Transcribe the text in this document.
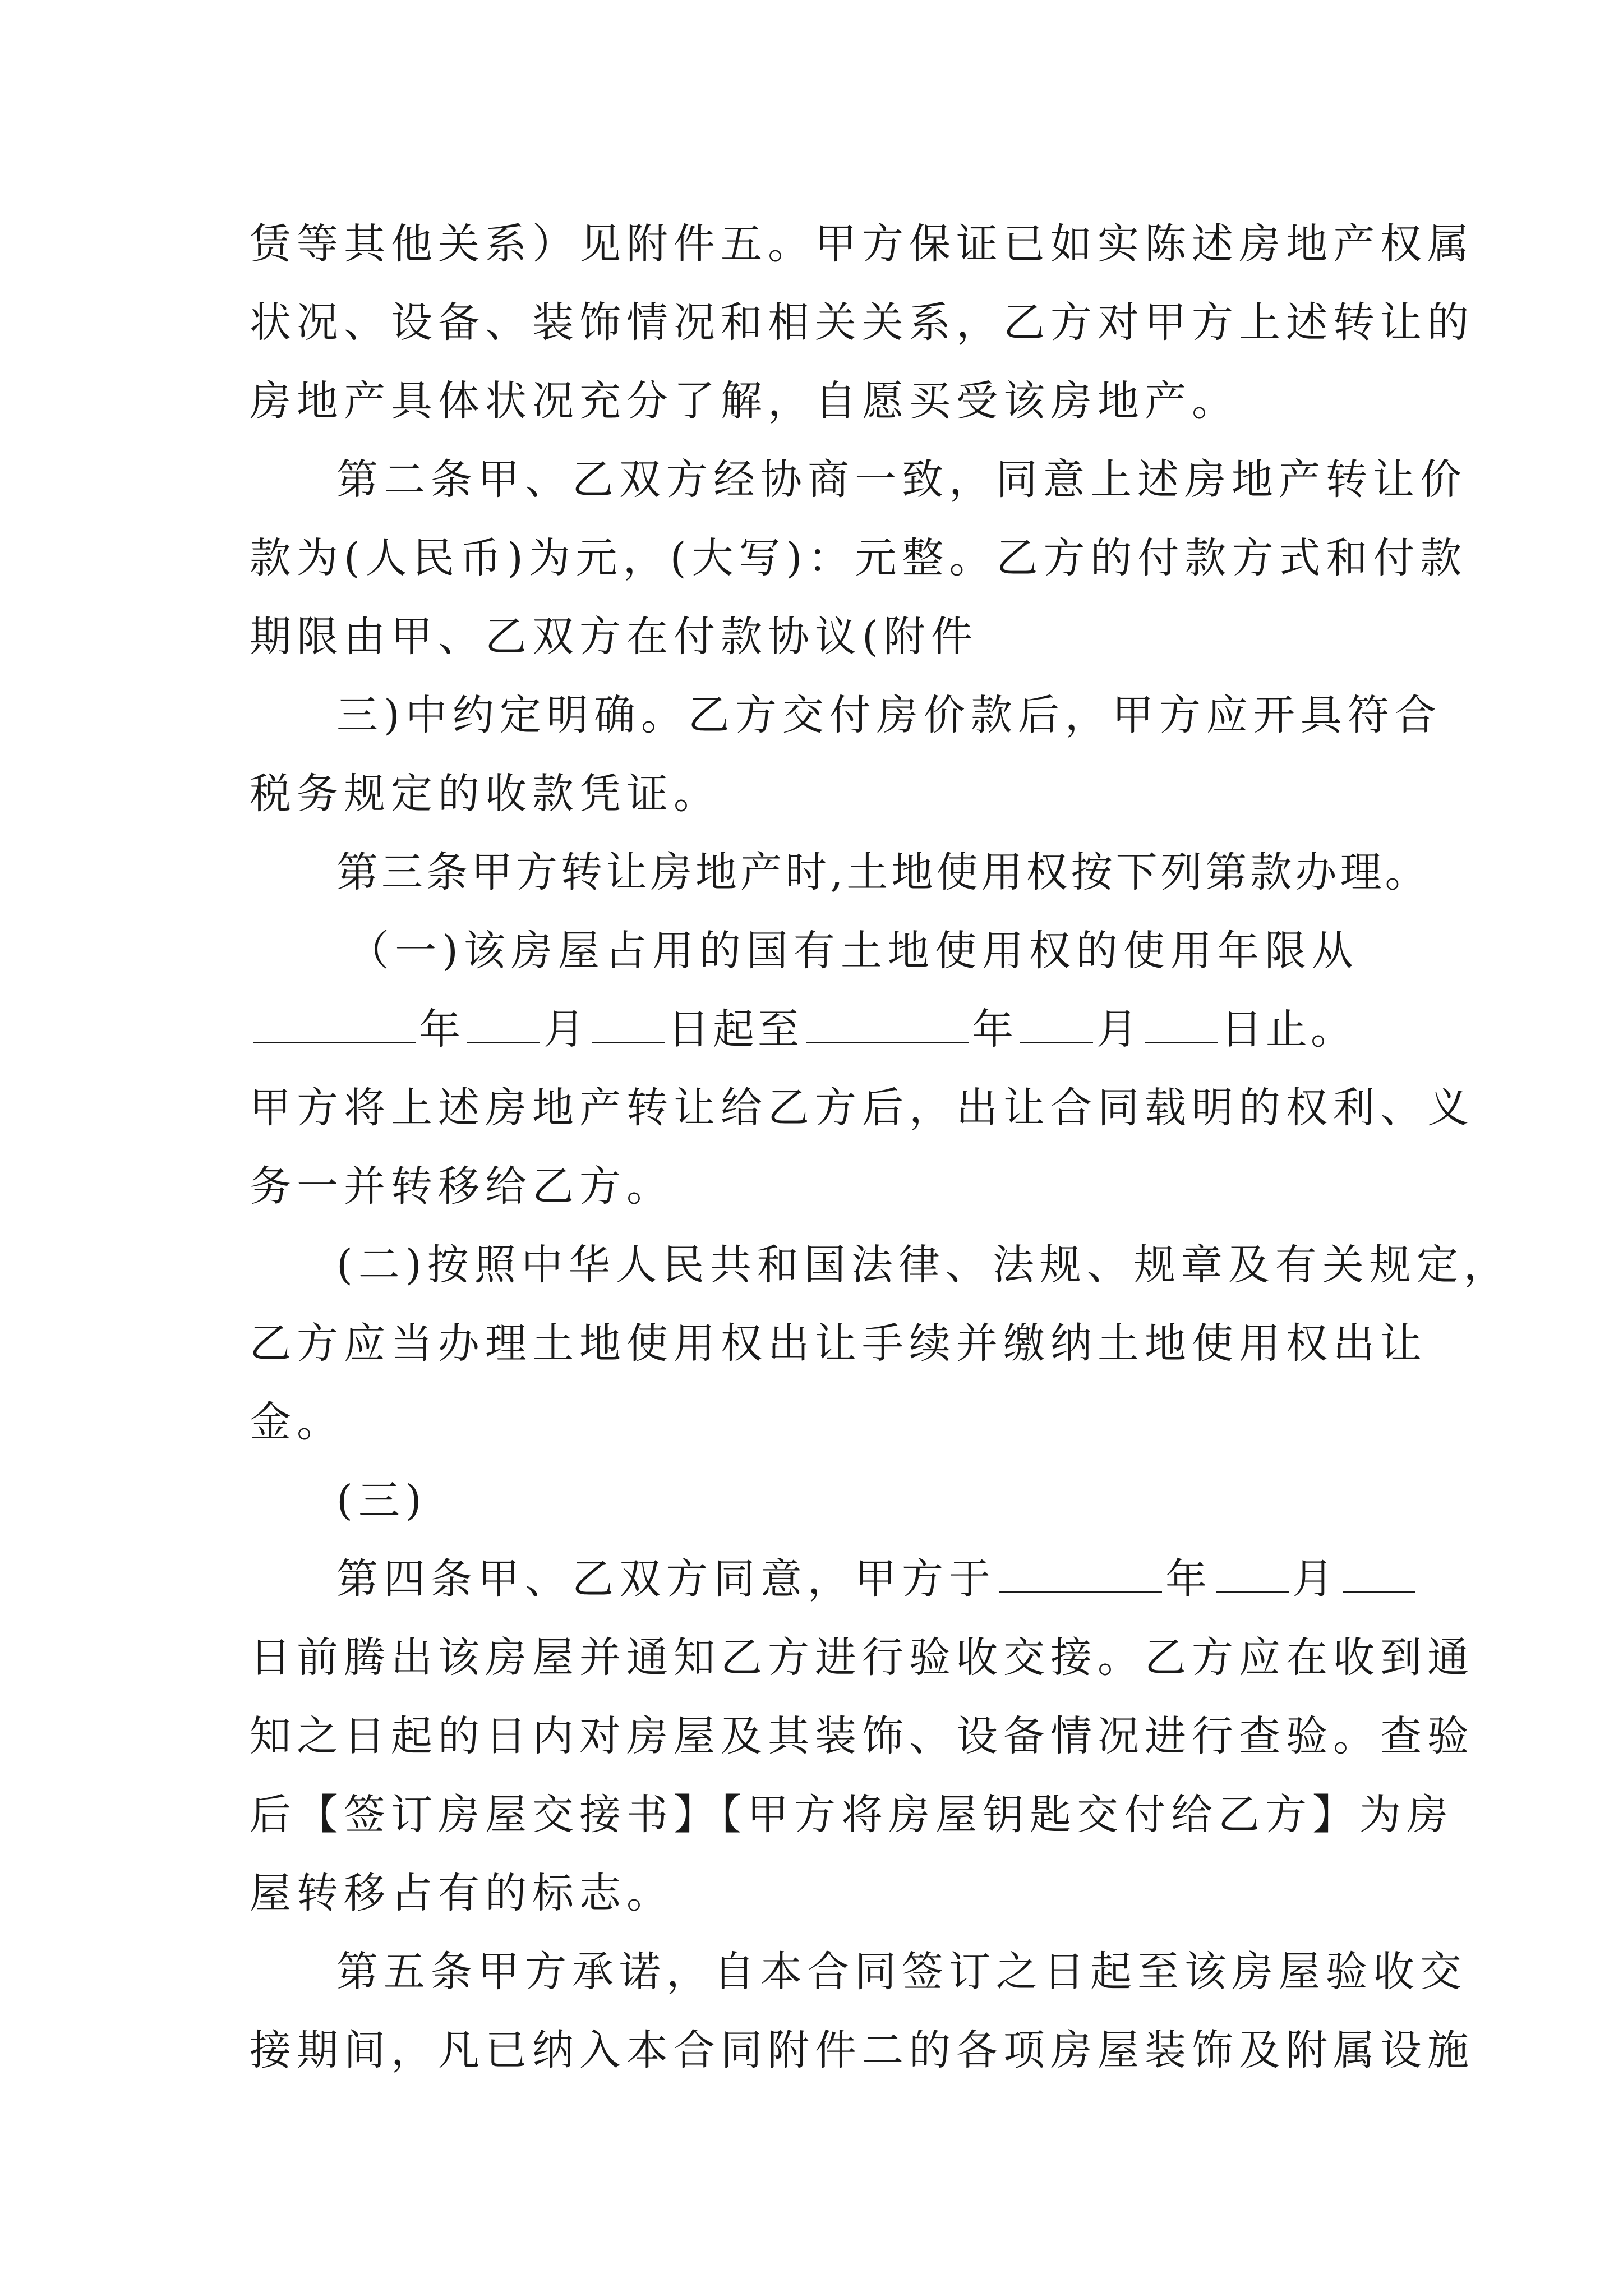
赁等其他关系）见附件五。甲方保证已如实陈述房地产权属
状况、设备、装饰情况和相关关系，乙方对甲方上述转让的
房地产具体状况充分了解，自愿买受该房地产。
第二条甲、乙双方经协商一致，同意上述房地产转让价
款为(人民币)为元，(大写)：元整。乙方的付款方式和付款
期限由甲、乙双方在付款协议(附件
三)中约定明确。乙方交付房价款后，甲方应开具符合
税务规定的收款凭证。
第三条甲方转让房地产时,土地使用权按下列第款办理。
（一)该房屋占用的国有土地使用权的使用年限从
年 月 日起至	年 月 日止。
甲方将上述房地产转让给乙方后，出让合同载明的权利、义
务一并转移给乙方。
(二)按照中华人民共和国法律、法规、规章及有关规定，
乙方应当办理土地使用权出让手续并缴纳土地使用权出让
金。
(三)
第四条甲、乙双方同意，甲方于	年 月
日前腾出该房屋并通知乙方进行验收交接。乙方应在收到通
知之日起的日内对房屋及其装饰、设备情况进行查验。查验
后【签订房屋交接书】【甲方将房屋钥匙交付给乙方】为房
屋转移占有的标志。
第五条甲方承诺，自本合同签订之日起至该房屋验收交
接期间，凡已纳入本合同附件二的各项房屋装饰及附属设施
